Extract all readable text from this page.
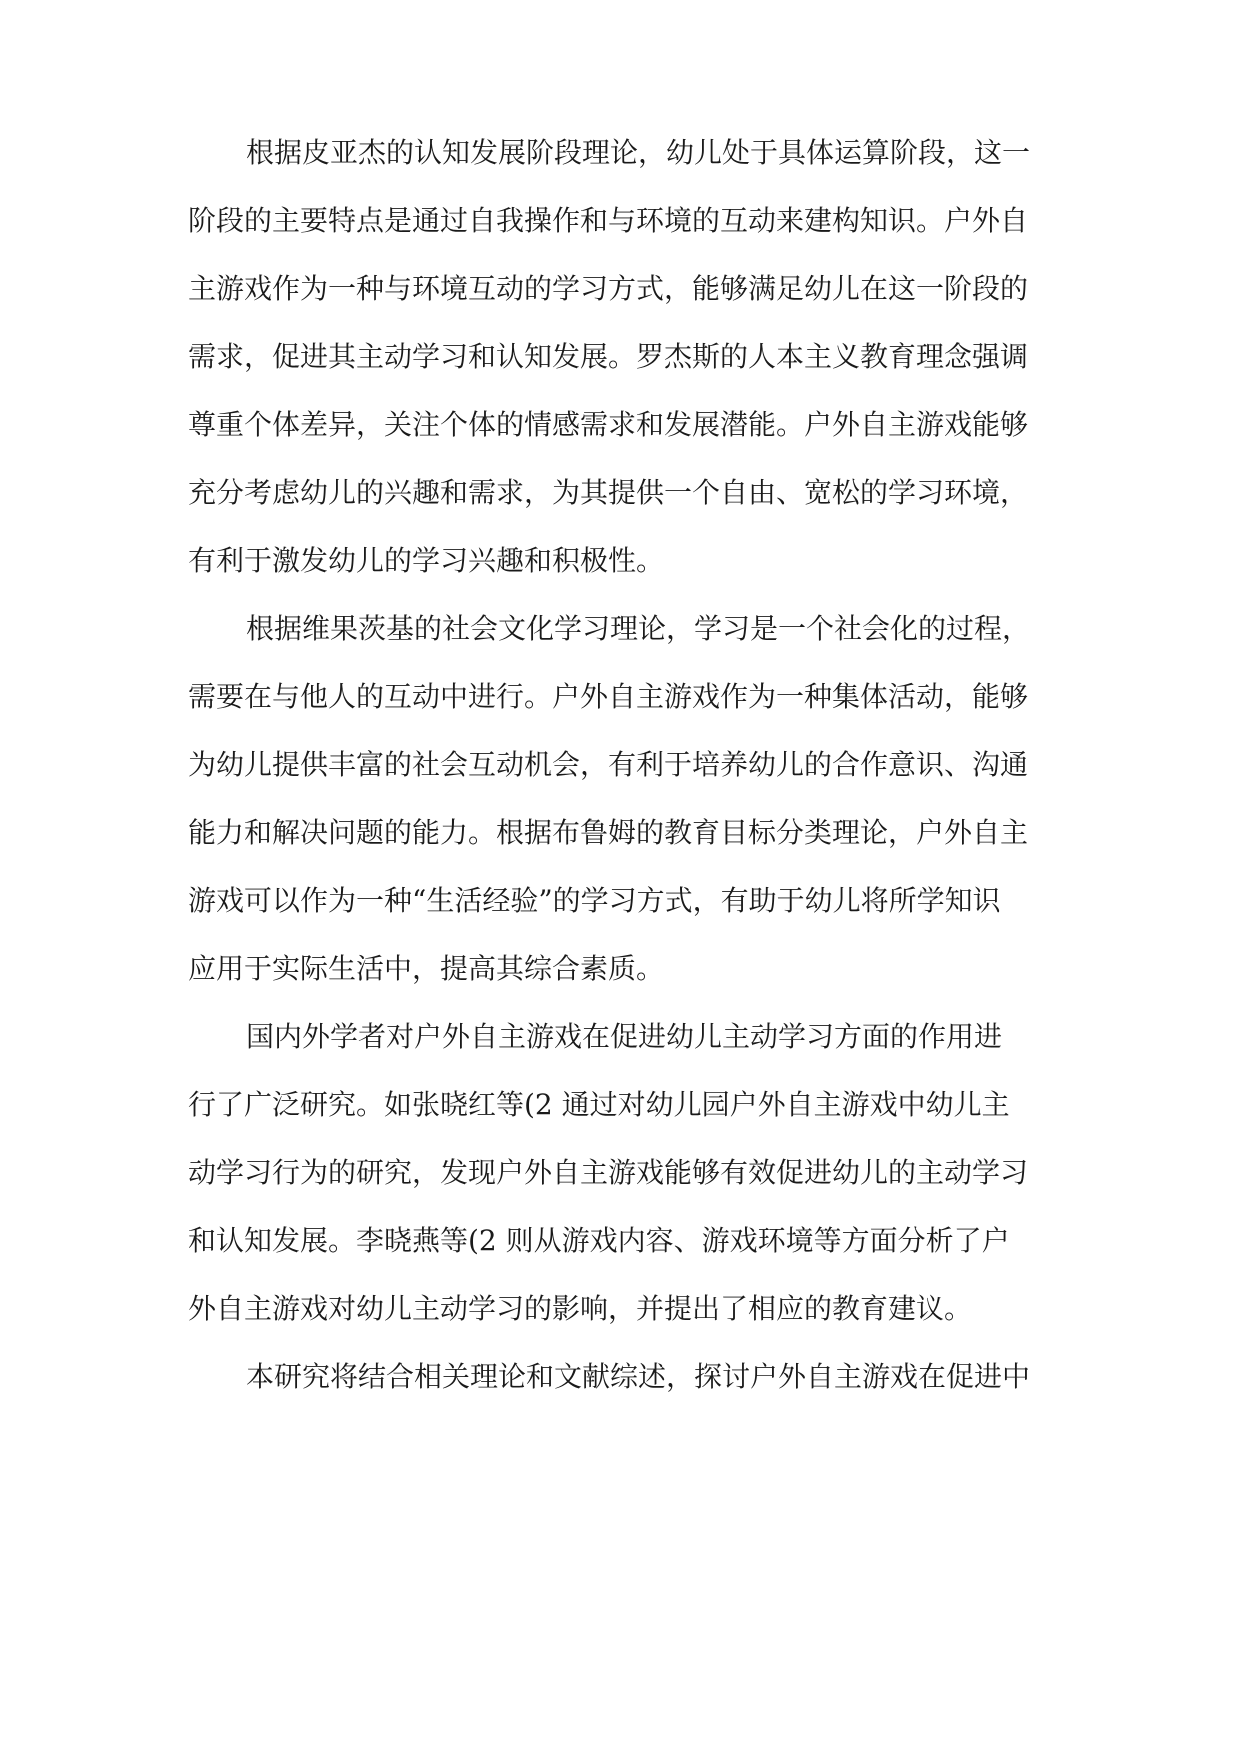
根据皮亚杰的认知发展阶段理论，幼儿处于具体运算阶段，这一
阶段的主要特点是通过自我操作和与环境的互动来建构知识。户外自
主游戏作为一种与环境互动的学习方式，能够满足幼儿在这一阶段的
需求，促进其主动学习和认知发展。罗杰斯的人本主义教育理念强调
尊重个体差异，关注个体的情感需求和发展潜能。户外自主游戏能够
充分考虑幼儿的兴趣和需求，为其提供一个自由、宽松的学习环境，
有利于激发幼儿的学习兴趣和积极性。
根据维果茨基的社会文化学习理论，学习是一个社会化的过程，
需要在与他人的互动中进行。户外自主游戏作为一种集体活动，能够
为幼儿提供丰富的社会互动机会，有利于培养幼儿的合作意识、沟通
能力和解决问题的能力。根据布鲁姆的教育目标分类理论，户外自主
游戏可以作为一种“生活经验”的学习方式，有助于幼儿将所学知识
应用于实际生活中，提高其综合素质。
国内外学者对户外自主游戏在促进幼儿主动学习方面的作用进
行了广泛研究。如张晓红等(2 通过对幼儿园户外自主游戏中幼儿主
动学习行为的研究，发现户外自主游戏能够有效促进幼儿的主动学习
和认知发展。李晓燕等(2 则从游戏内容、游戏环境等方面分析了户
外自主游戏对幼儿主动学习的影响，并提出了相应的教育建议。
本研究将结合相关理论和文献综述，探讨户外自主游戏在促进中
